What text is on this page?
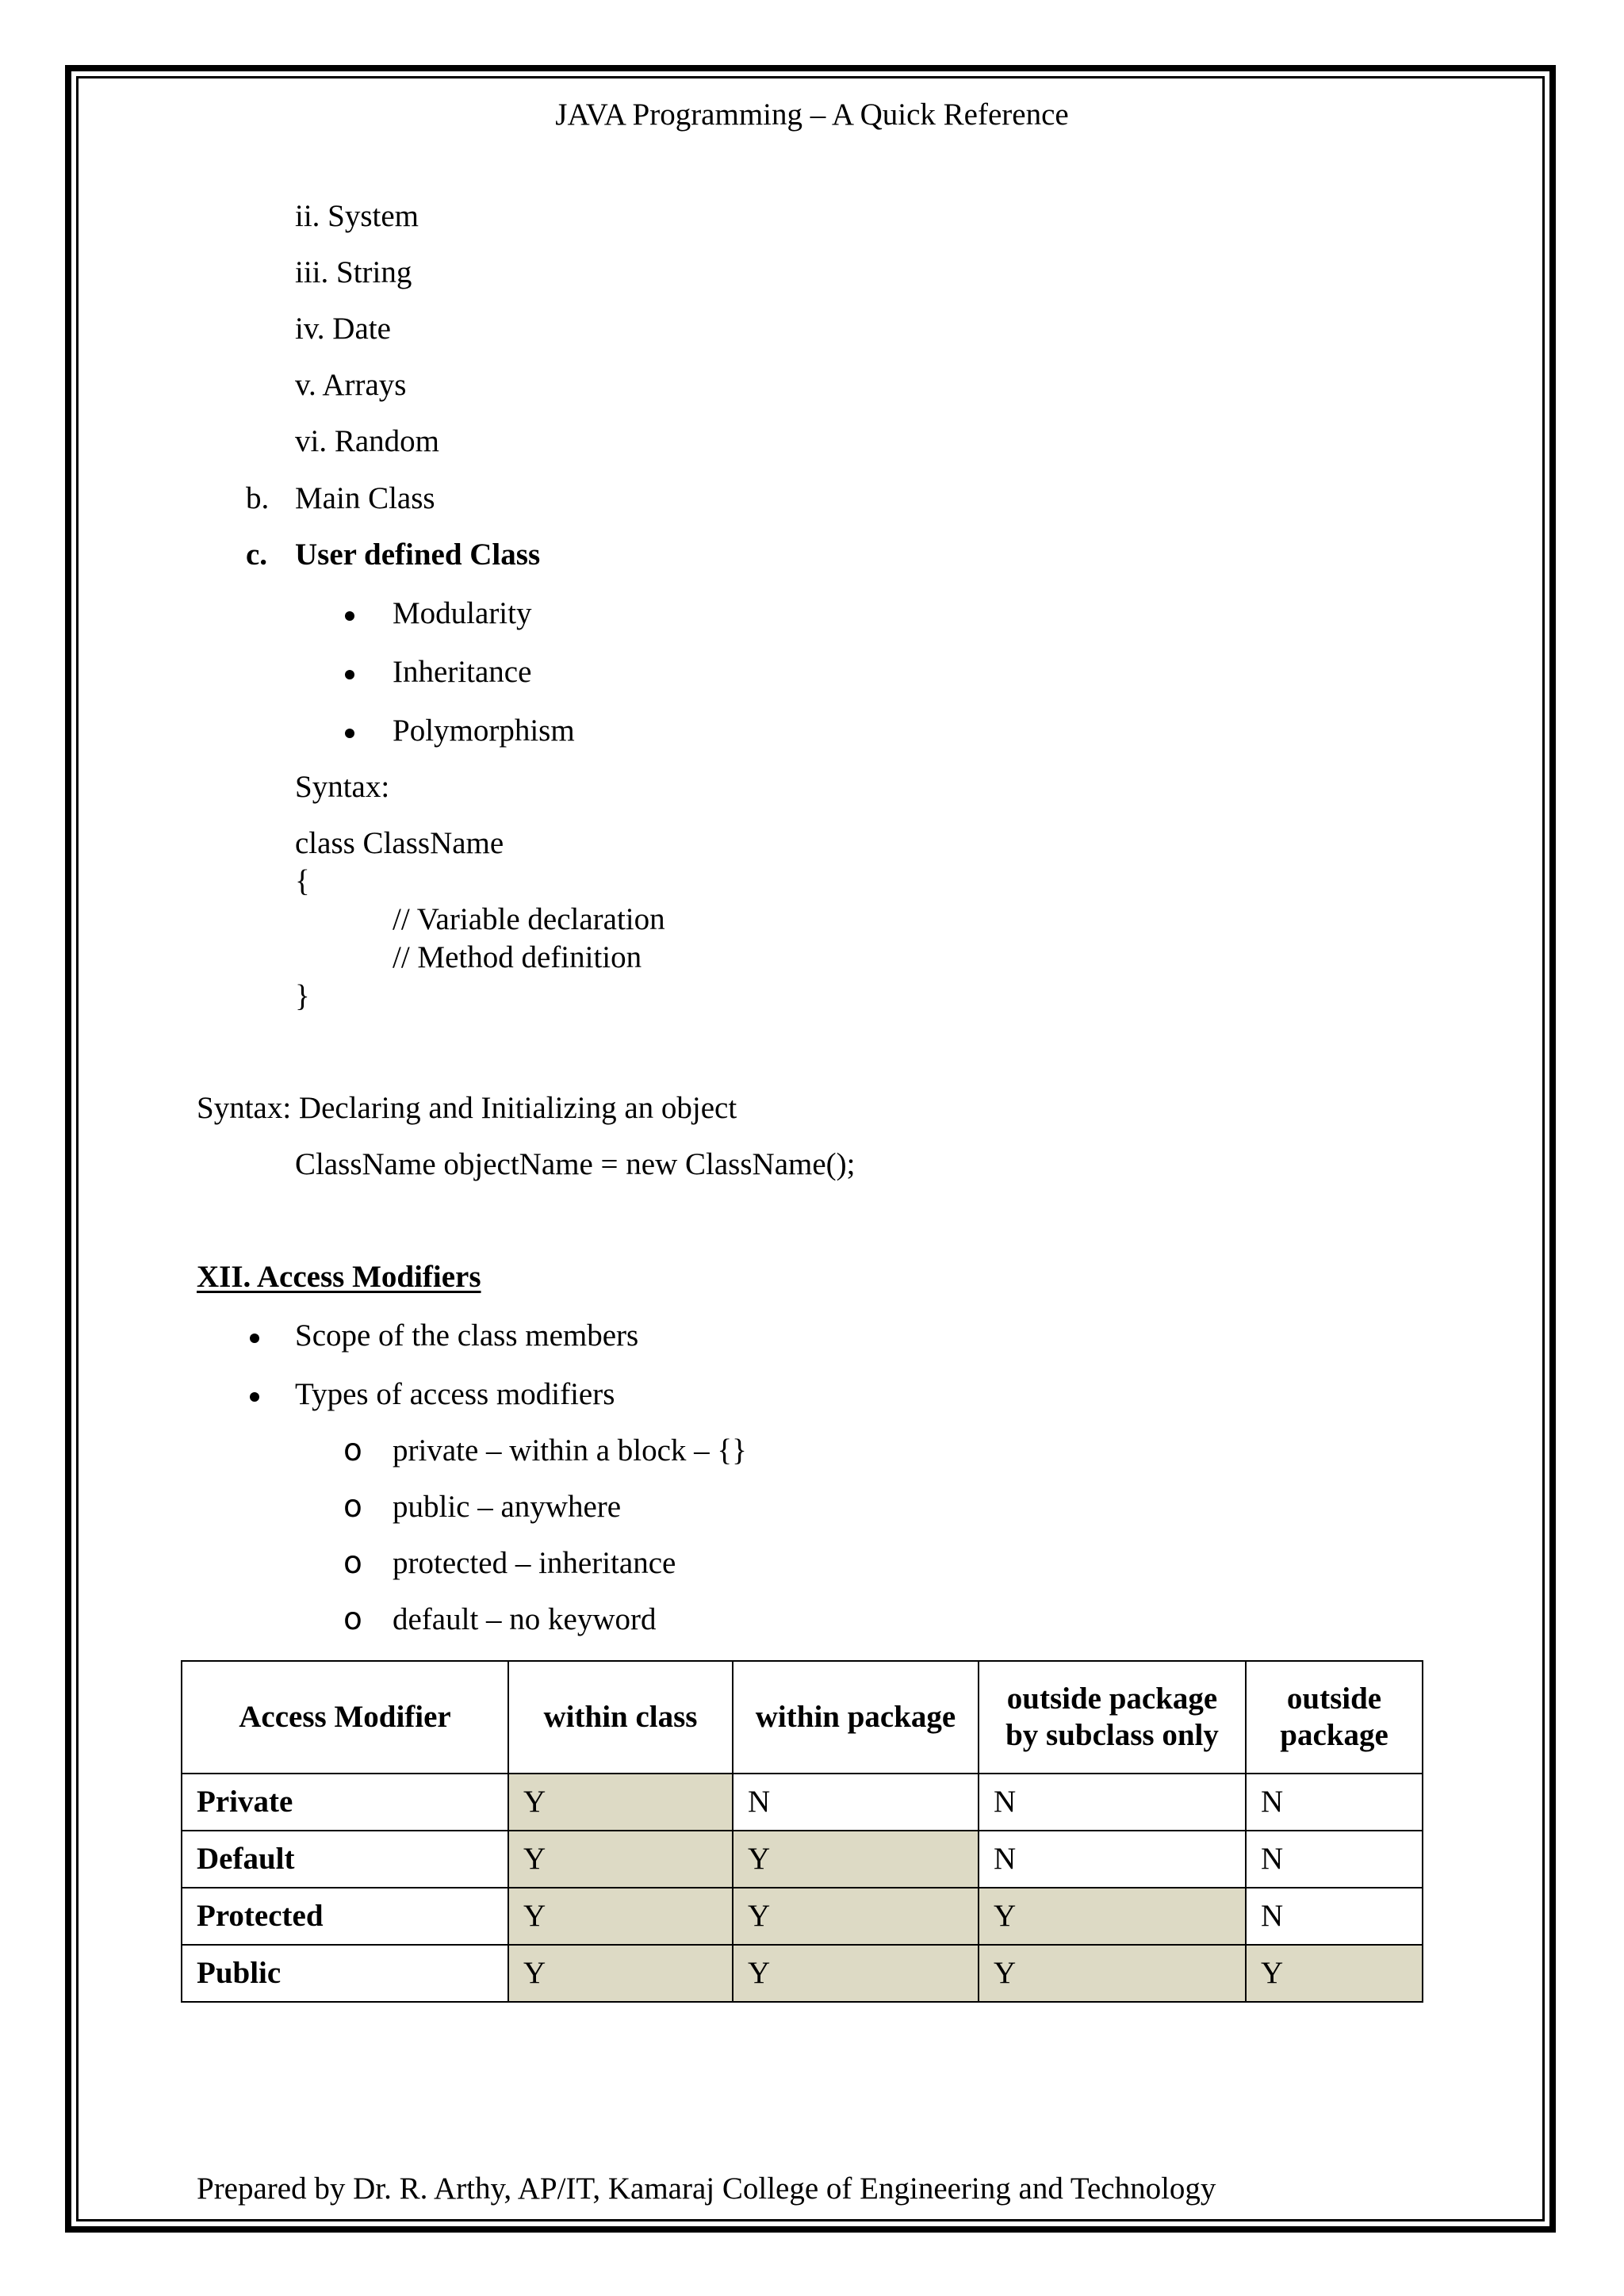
JAVA Programming – A Quick Reference
ii. System
iii. String
iv. Date
v. Arrays
vi. Random
b. Main Class
c. User defined Class
Modularity
Inheritance
Polymorphism
Syntax:
class ClassName
{
// Variable declaration
// Method definition
}
Syntax: Declaring and Initializing an object
ClassName objectName = new ClassName();
XII. Access Modifiers
Scope of the class members
Types of access modifiers
o private – within a block – {}
o public – anywhere
o protected – inheritance
o default – no keyword
Access Modifier	within class	within package	outside package by subclass only	outside package
Private	Y	N	N	N
Default	Y	Y	N	N
Protected	Y	Y	Y	N
Public	Y	Y	Y	Y
Prepared by Dr. R. Arthy, AP/IT, Kamaraj College of Engineering and Technology
